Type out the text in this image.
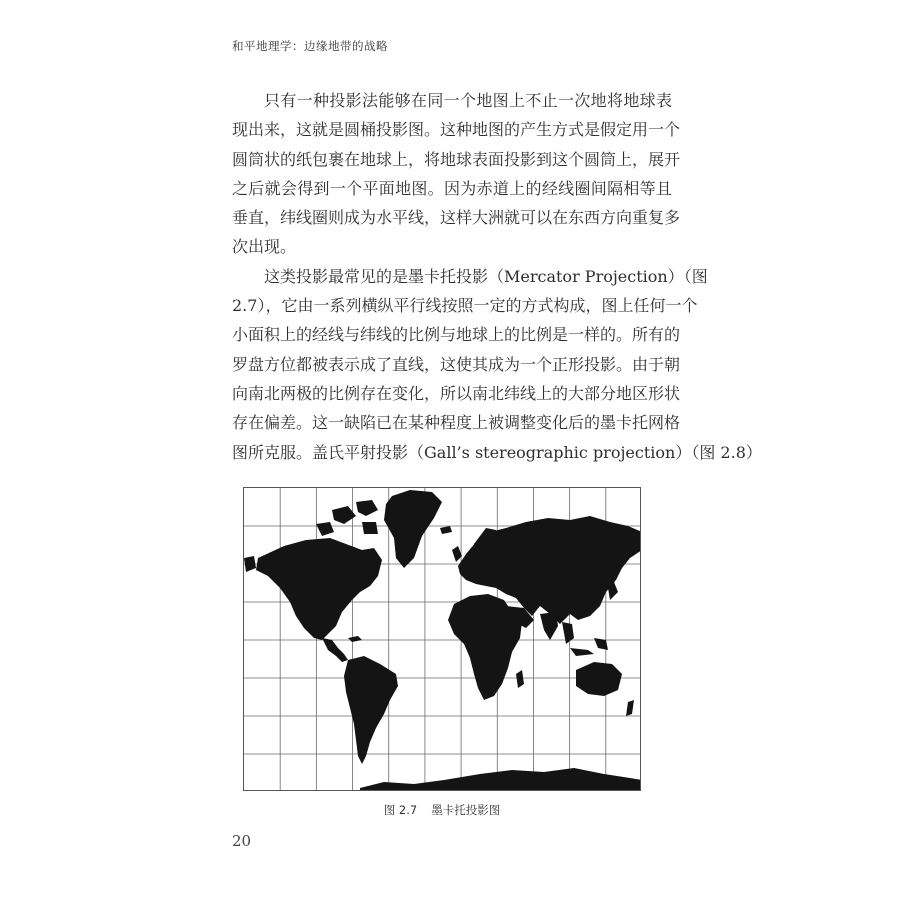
和平地理学：边缘地带的战略
只有一种投影法能够在同一个地图上不止一次地将地球表
现出来，这就是圆桶投影图。这种地图的产生方式是假定用一个
圆筒状的纸包裹在地球上，将地球表面投影到这个圆筒上，展开
之后就会得到一个平面地图。因为赤道上的经线圈间隔相等且
垂直，纬线圈则成为水平线，这样大洲就可以在东西方向重复多
次出现。
这类投影最常见的是墨卡托投影（Mercator Projection）（图
2.7），它由一系列横纵平行线按照一定的方式构成，图上任何一个
小面积上的经线与纬线的比例与地球上的比例是一样的。所有的
罗盘方位都被表示成了直线，这使其成为一个正形投影。由于朝
向南北两极的比例存在变化，所以南北纬线上的大部分地区形状
存在偏差。这一缺陷已在某种程度上被调整变化后的墨卡托网格
图所克服。盖氏平射投影（Gall’s stereographic projection）（图 2.8）
图 2.7 墨卡托投影图
20
